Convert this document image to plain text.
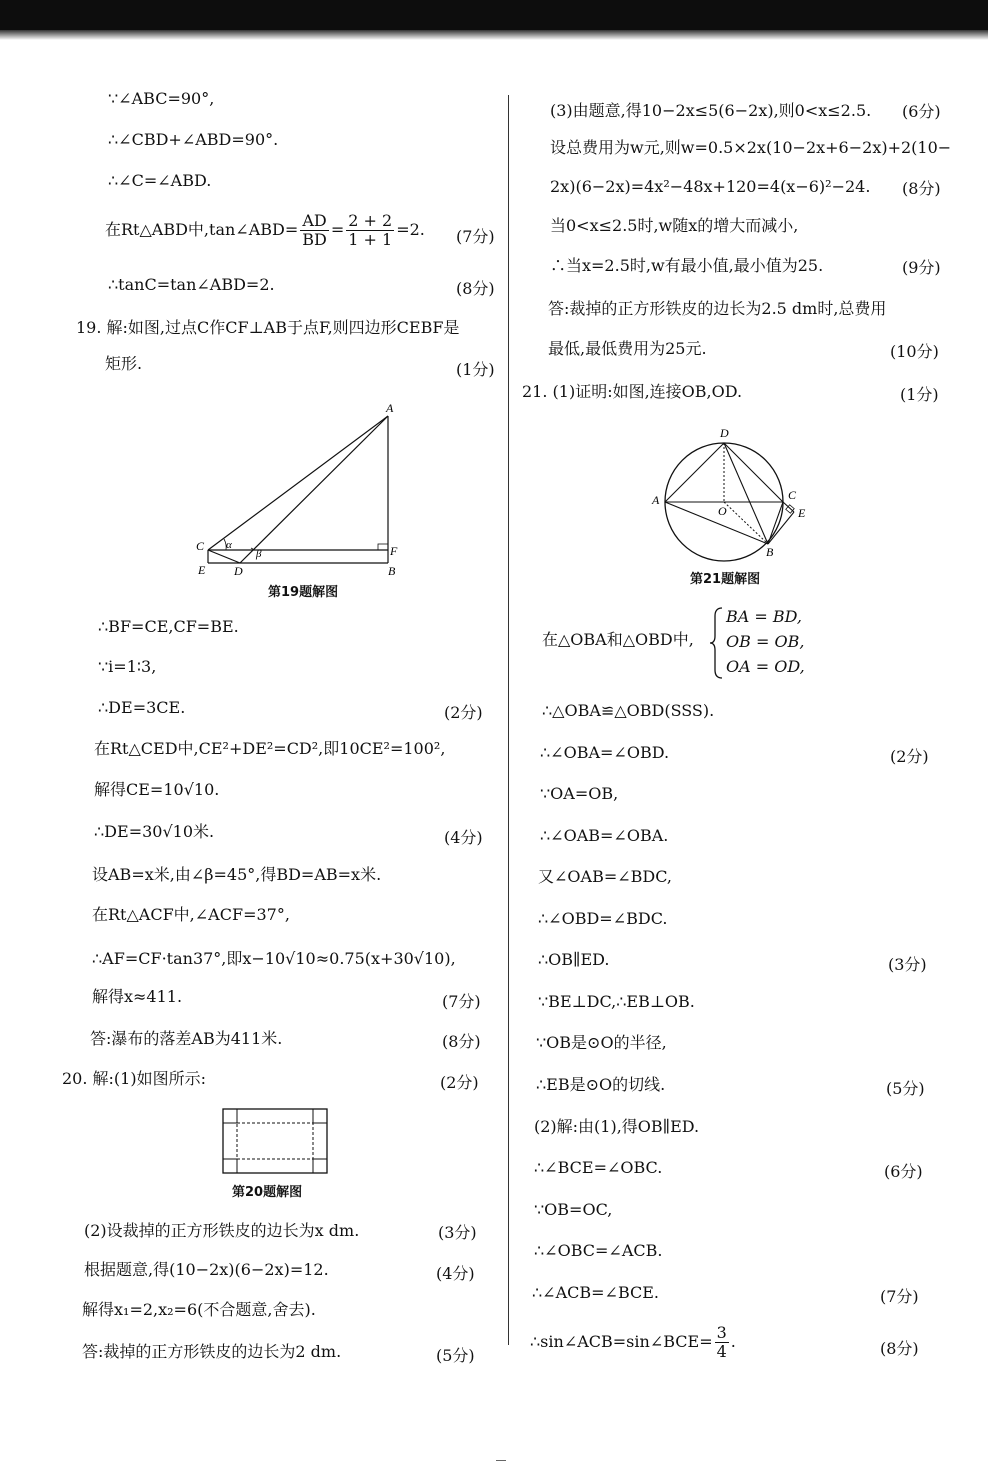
∵∠ABC=90°,
∴∠CBD+∠ABD=90°.
∴∠C=∠ABD.
在Rt△ABD中,tan∠ABD= $\frac{AD}{BD} = \frac{2 + 2}{1 + 1} =2$. (7分)
∴tanC=tan∠ABD=2.	(8分)
19. 解:如图,过点C作CF⊥AB于点F,则四边形CEBF是
矩形.	(1分)
A
C
E D
F
B
α
β
第19题解图
∴BF=CE,CF=BE.
∵i=1∶3,
∴DE=3CE.	(2分)
在Rt△CED中,CE²+DE²=CD²,即10CE²=100²,
解得CE=10√10.
∴DE=30√10米.	(4分)
设AB=x米,由∠β=45°,得BD=AB=x米.
在Rt△ACF中,∠ACF=37°,
∴AF=CF·tan37°,即x−10√10≈0.75(x+30√10),
解得x≈411.	(7分)
答:瀑布的落差AB为411米.	(8分)
20. 解:(1)如图所示:	(2分)
第20题解图
(2)设裁掉的正方形铁皮的边长为x dm.	(3分)
根据题意,得(10−2x)(6−2x)=12.	(4分)
解得x₁=2,x₂=6(不合题意,舍去).
答:裁掉的正方形铁皮的边长为2 dm.	(5分)
(3)由题意,得10−2x≤5(6−2x),则0<x≤2.5. (6分)
设总费用为w元,则w=0.5×2x(10−2x+6−2x)+2(10−
2x)(6−2x)=4x²−48x+120=4(x−6)²−24. (8分)
当0<x≤2.5时,w随x的增大而减小,
∴当x=2.5时,w有最小值,最小值为25.	(9分)
答:裁掉的正方形铁皮的边长为2.5 dm时,总费用
最低,最低费用为25元.	(10分)
21. (1)证明:如图,连接OB,OD.	(1分)
D
A	C
E
O
B
第21题解图
在△OBA和△OBD中,
BA = BD,
OB = OB,
OA = OD,
∴△OBA≌△OBD(SSS).
∴∠OBA=∠OBD.	(2分)
∵OA=OB,
∴∠OAB=∠OBA.
又∠OAB=∠BDC,
∴∠OBD=∠BDC.
∴OB∥ED.	(3分)
∵BE⊥DC,∴EB⊥OB.
∵OB是⊙O的半径,
∴EB是⊙O的切线.	(5分)
(2)解:由(1),得OB∥ED.
∴∠BCE=∠OBC.	(6分)
∵OB=OC,
∴∠OBC=∠ACB.
∴∠ACB=∠BCE.	(7分)
∴sin∠ACB=sin∠BCE= $\frac{3}{4}$ .	(8分)
